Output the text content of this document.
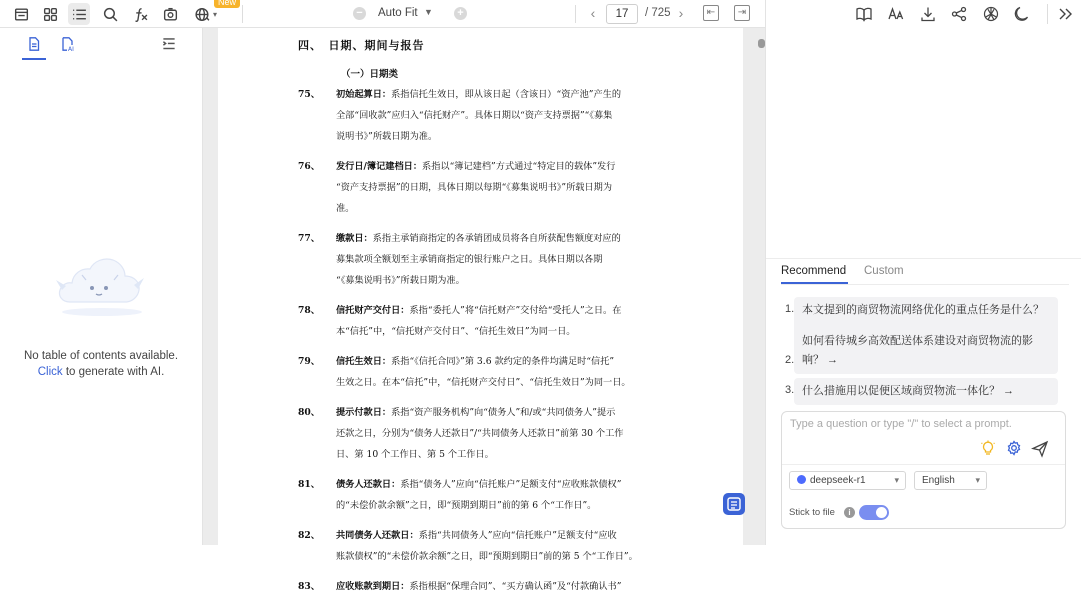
New
▾	− Auto Fit ▼ +	‹
17	/ 725 ›	⇤	⇥
AI
No table of contents available.
Click to generate with AI.
四、　日期、期间与报告
（一）日期类
75、 初始起算日：系指信托生效日，即从该日起（含该日）“资产池”产生的
全部“回收款”应归入“信托财产”。具体日期以“资产支持票据”“《募集
说明书》”所载日期为准。
76、 发行日/簿记建档日：系指以“簿记建档”方式通过“特定目的载体”发行
“资产支持票据”的日期，具体日期以每期“《募集说明书》”所载日期为
准。
77、 缴款日：系指主承销商指定的各承销团成员将各自所获配售额度对应的
募集款项全额划至主承销商指定的银行账户之日。具体日期以各期
“《募集说明书》”所载日期为准。
78、 信托财产交付日：系指“委托人”将“信托财产”交付给“受托人”之日。在
本“信托”中，“信托财产交付日”、“信托生效日”为同一日。
79、 信托生效日：系指“《信托合同》”第 3.6 款约定的条件均满足时“信托”
生效之日。在本“信托”中，“信托财产交付日”、“信托生效日”为同一日。
80、 提示付款日：系指“资产服务机构”向“债务人”和/或“共同债务人”提示
还款之日，分别为“债务人还款日”/“共同债务人还款日”前第 30 个工作
日、第 10 个工作日、第 5 个工作日。
81、 债务人还款日：系指“债务人”应向“信托账户”足额支付“应收账款债权”
的“未偿价款余额”之日，即“预期到期日”前的第 6 个“工作日”。
82、 共同债务人还款日：系指“共同债务人”应向“信托账户”足额支付“应收
账款债权”的“未偿价款余额”之日，即“预期到期日”前的第 5 个“工作日”。
83、 应收账款到期日：系指根据“保理合同”、“买方确认函”及“付款确认书”
Recommend Custom
1. 本文提到的商贸物流网络优化的重点任务是什么？
2.
如何看待城乡高效配送体系建设对商贸物流的影响？ →
3. 什么措施用以促便区域商贸物流一体化？ →
Type a question or type "/" to select a prompt.
deepseek-r1	▾	English ▾
Stick to file	i
